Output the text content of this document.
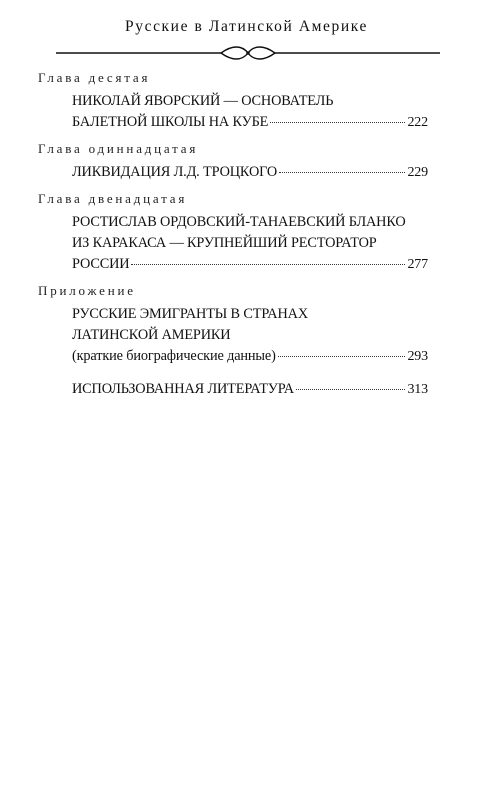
Русские в Латинской Америке
Глава десятая
НИКОЛАЙ ЯВОРСКИЙ — ОСНОВАТЕЛЬ
БАЛЕТНОЙ ШКОЛЫ НА КУБЕ	222
Глава одиннадцатая
ЛИКВИДАЦИЯ Л.Д. ТРОЦКОГО	229
Глава двенадцатая
РОСТИСЛАВ ОРДОВСКИЙ-ТАНАЕВСКИЙ БЛАНКО
ИЗ КАРАКАСА — КРУПНЕЙШИЙ РЕСТОРАТОР
РОССИИ	277
Приложение
РУССКИЕ ЭМИГРАНТЫ В СТРАНАХ
ЛАТИНСКОЙ АМЕРИКИ
(краткие биографические данные)	293
ИСПОЛЬЗОВАННАЯ ЛИТЕРАТУРА	313
